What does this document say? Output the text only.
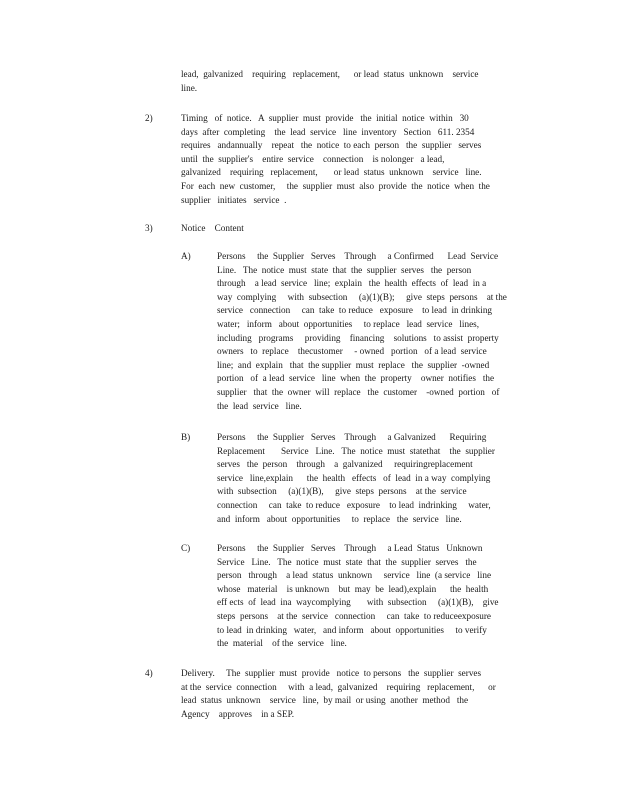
lead,  galvanized    requiring   replacement,      or lead  status  unknown    service
line.
2)	Timing   of  notice.   A  supplier  must  provide   the  initial  notice  within   30
days  after  completing    the  lead  service   line  inventory   Section   611. 2354
requires   andannually    repeat   the  notice  to each  person   the  supplier   serves
until  the  supplier's    entire  service    connection    is nolonger   a lead,
galvanized    requiring   replacement,       or lead  status  unknown    service   line.
For  each  new  customer,     the  supplier  must  also  provide  the  notice  when  the
supplier   initiates   service  .
3)	Notice    Content
A)	Persons     the  Supplier   Serves    Through     a Confirmed      Lead  Service
Line.   The  notice  must  state  that  the  supplier  serves   the  person
through    a lead  service   line;  explain   the  health  effects  of  lead  in a
way  complying     with  subsection     (a)(1)(B);     give  steps  persons    at the
service   connection     can  take  to reduce   exposure    to lead  in drinking
water;   inform   about  opportunities     to replace   lead  service   lines,
including   programs     providing    financing    solutions   to assist  property
owners   to  replace    thecustomer     - owned   portion   of a lead  service
line;  and  explain   that  the supplier  must  replace   the  supplier  -owned
portion   of  a lead  service   line  when  the  property    owner  notifies   the
supplier   that  the  owner  will  replace   the  customer    -owned  portion   of
the  lead  service   line.
B)	Persons     the  Supplier   Serves    Through     a Galvanized      Requiring
Replacement       Service   Line.   The  notice  must  statethat    the  supplier
serves   the  person    through    a  galvanized     requiringreplacement
service   line,explain      the  health   effects   of  lead  in a way  complying
with  subsection     (a)(1)(B),     give  steps  persons    at the  service
connection     can  take  to reduce   exposure    to lead  indrinking     water,
and  inform   about  opportunities     to  replace   the  service   line.
C)	Persons     the  Supplier   Serves    Through     a Lead  Status   Unknown
Service   Line.   The  notice  must  state  that  the  supplier  serves   the
person   through    a lead  status  unknown     service   line  (a service   line
whose   material    is unknown    but  may  be  lead),explain      the  health
eff ects  of  lead  ina  waycomplying       with  subsection     (a)(1)(B),    give
steps  persons    at the  service   connection     can  take  to reduceexposure
to lead  in drinking   water,   and inform   about  opportunities     to verify
the  material    of the  service   line.
4)	Delivery.     The  supplier  must  provide   notice  to persons   the  supplier  serves
at the  service  connection     with  a lead,  galvanized    requiring   replacement,      or
lead  status  unknown    service   line,  by mail  or using  another  method   the
Agency    approves    in a SEP.
